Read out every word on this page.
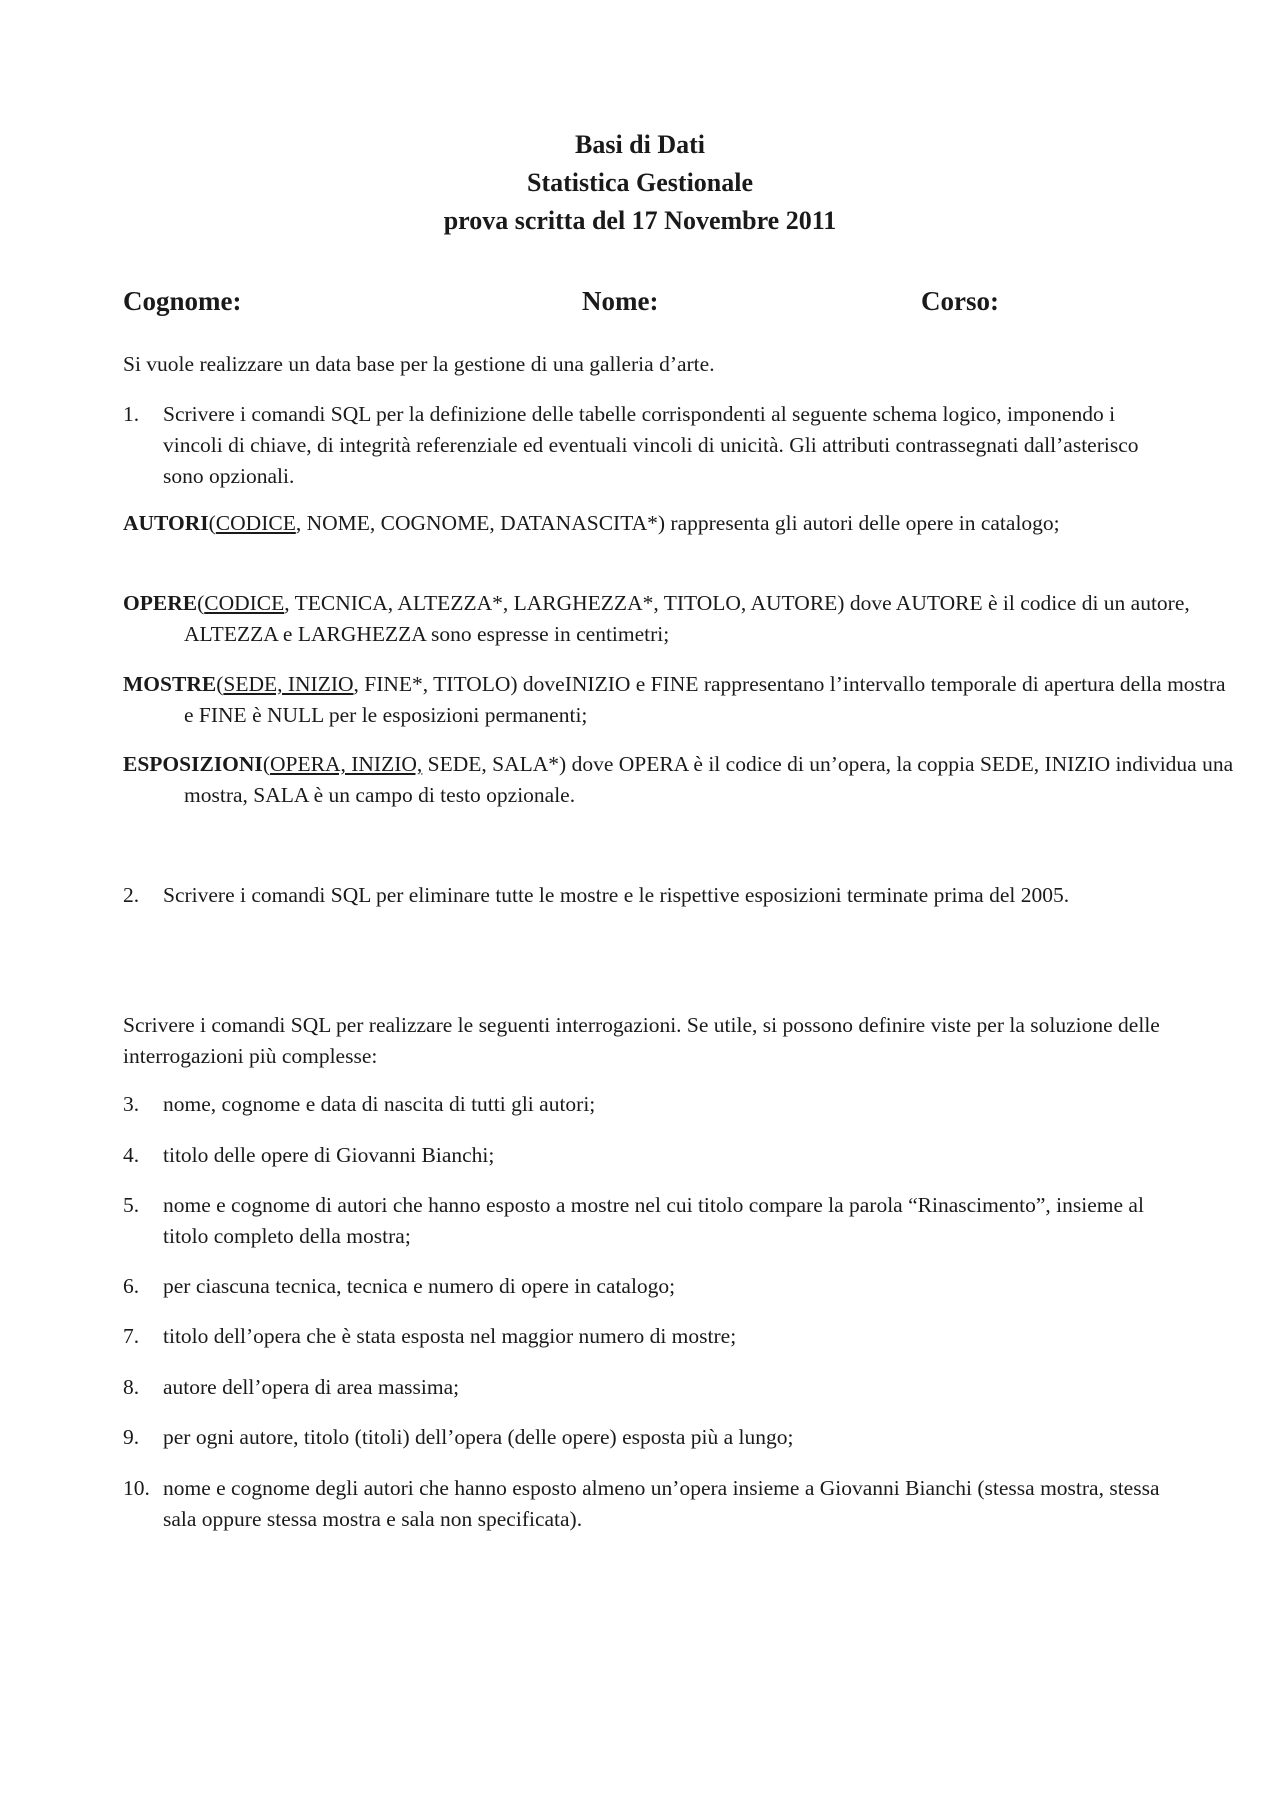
Basi di Dati
Statistica Gestionale
prova scritta del 17 Novembre 2011
Cognome:	Nome:	Corso:
Si vuole realizzare un data base per la gestione di una galleria d’arte.
1. Scrivere i comandi SQL per la definizione delle tabelle corrispondenti al seguente schema logico, imponendo i vincoli di chiave, di integrità referenziale ed eventuali vincoli di unicità. Gli attributi contrassegnati dall’asterisco sono opzionali.
AUTORI(CODICE, NOME, COGNOME, DATANASCITA*) rappresenta gli autori delle opere in catalogo;
OPERE(CODICE, TECNICA, ALTEZZA*, LARGHEZZA*, TITOLO, AUTORE) dove AUTORE è il codice di un autore, ALTEZZA e LARGHEZZA sono espresse in centimetri;
MOSTRE(SEDE, INIZIO, FINE*, TITOLO) doveINIZIO e FINE rappresentano l’intervallo temporale di apertura della mostra e FINE è NULL per le esposizioni permanenti;
ESPOSIZIONI(OPERA, INIZIO, SEDE, SALA*) dove OPERA è il codice di un’opera, la coppia SEDE, INIZIO individua una mostra, SALA è un campo di testo opzionale.
2. Scrivere i comandi SQL per eliminare tutte le mostre e le rispettive esposizioni terminate prima del 2005.
Scrivere i comandi SQL per realizzare le seguenti interrogazioni. Se utile, si possono definire viste per la soluzione delle interrogazioni più complesse:
3. nome, cognome e data di nascita di tutti gli autori;
4. titolo delle opere di Giovanni Bianchi;
5. nome e cognome di autori che hanno esposto a mostre nel cui titolo compare la parola “Rinascimento”, insieme al titolo completo della mostra;
6. per ciascuna tecnica, tecnica e numero di opere in catalogo;
7. titolo dell’opera che è stata esposta nel maggior numero di mostre;
8. autore dell’opera di area massima;
9. per ogni autore, titolo (titoli) dell’opera (delle opere) esposta più a lungo;
10. nome e cognome degli autori che hanno esposto almeno un’opera insieme a Giovanni Bianchi (stessa mostra, stessa sala oppure stessa mostra e sala non specificata).
